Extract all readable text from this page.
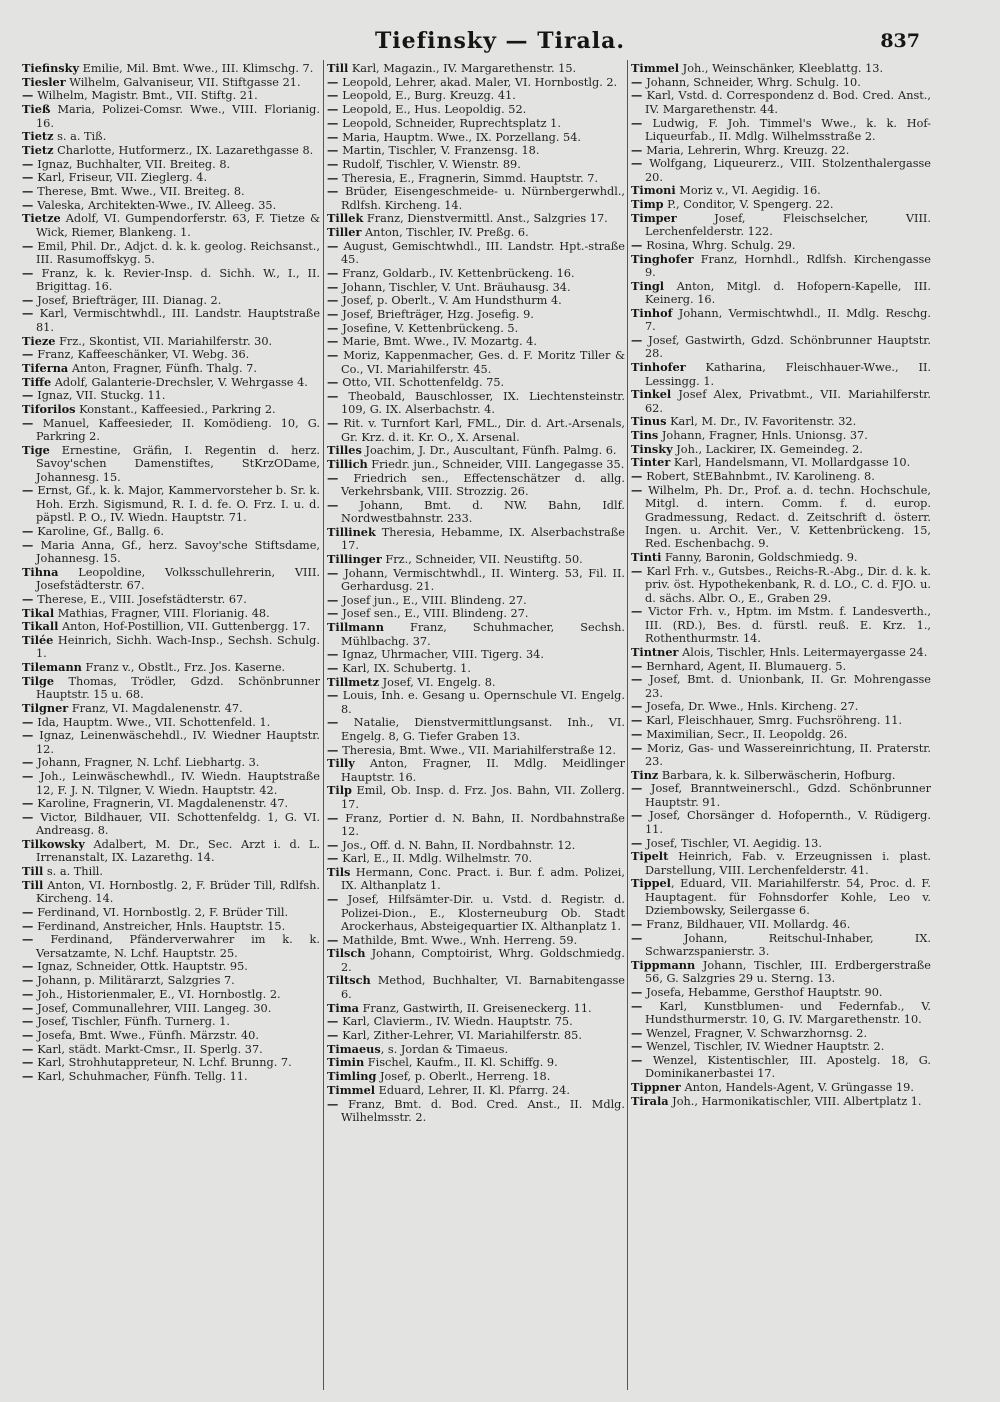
Tiefinsky — Tirala.	837

Tiefinsky Emilie, Mil. Bmt. Wwe., III. Klimschg. 7.

Tiesler Wilhelm, Galvaniseur, VII. Stiftgasse 21.

— Wilhelm, Magistr. Bmt., VII. Stiftg. 21.

Tieß Maria, Polizei-Comsr. Wwe., VIII. Florianig. 16.

Tietz s. a. Tiß.

Tietz Charlotte, Hutformerz., IX. Lazarethgasse 8.

— Ignaz, Buchhalter, VII. Breiteg. 8.

— Karl, Friseur, VII. Zieglerg. 4.

— Therese, Bmt. Wwe., VII. Breiteg. 8.

— Valeska, Architekten-Wwe., IV. Alleeg. 35.

Tietze Adolf, VI. Gumpendorferstr. 63, F. Tietze & Wick, Riemer, Blankeng. 1.

— Emil, Phil. Dr., Adjct. d. k. k. geolog. Reichsanst., III. Rasumoffskyg. 5.

— Franz, k. k. Revier-Insp. d. Sichh. W., I., II. Brigittag. 16.

— Josef, Briefträger, III. Dianag. 2.

— Karl, Vermischtwhdl., III. Landstr. Hauptstraße 81.

Tieze Frz., Skontist, VII. Mariahilferstr. 30.

— Franz, Kaffeeschänker, VI. Webg. 36.

Tiferna Anton, Fragner, Fünfh. Thalg. 7.

Tiffe Adolf, Galanterie-Drechsler, V. Wehrgasse 4.

— Ignaz, VII. Stuckg. 11.

Tiforilos Konstant., Kaffeesied., Parkring 2.

— Manuel, Kaffeesieder, II. Komödieng. 10, G. Parkring 2.

Tige Ernestine, Gräfin, I. Regentin d. herz. Savoy'schen Damenstiftes, StKrzODame, Johannesg. 15.

— Ernst, Gf., k. k. Major, Kammervorsteher b. Sr. k. Hoh. Erzh. Sigismund, R. I. d. fe. O. Frz. I. u. d. päpstl. P. O., IV. Wiedn. Hauptstr. 71.

— Karoline, Gf., Ballg. 6.

— Maria Anna, Gf., herz. Savoy'sche Stiftsdame, Johannesg. 15.

Tihna Leopoldine, Volksschullehrerin, VIII. Josefstädterstr. 67.

— Therese, E., VIII. Josefstädterstr. 67.

Tikal Mathias, Fragner, VIII. Florianig. 48.

Tikall Anton, Hof-Postillion, VII. Guttenbergg. 17.

Tilée Heinrich, Sichh. Wach-Insp., Sechsh. Schulg. 1.

Tilemann Franz v., Obstlt., Frz. Jos. Kaserne.

Tilge Thomas, Trödler, Gdzd. Schönbrunner Hauptstr. 15 u. 68.

Tilgner Franz, VI. Magdalenenstr. 47.

— Ida, Hauptm. Wwe., VII. Schottenfeld. 1.

— Ignaz, Leinenwäschehdl., IV. Wiedner Hauptstr. 12.

— Johann, Fragner, N. Lchf. Liebhartg. 3.

— Joh., Leinwäschewhdl., IV. Wiedn. Hauptstraße 12, F. J. N. Tilgner, V. Wiedn. Hauptstr. 42.

— Karoline, Fragnerin, VI. Magdalenenstr. 47.

— Victor, Bildhauer, VII. Schottenfeldg. 1, G. VI. Andreasg. 8.

Tilkowsky Adalbert, M. Dr., Sec. Arzt i. d. L. Irrenanstalt, IX. Lazarethg. 14.

Till s. a. Thill.

Till Anton, VI. Hornbostlg. 2, F. Brüder Till, Rdlfsh. Kircheng. 14.

— Ferdinand, VI. Hornbostlg. 2, F. Brüder Till.

— Ferdinand, Anstreicher, Hnls. Hauptstr. 15.

— Ferdinand, Pfänderverwahrer im k. k. Versatzamte, N. Lchf. Hauptstr. 25.

— Ignaz, Schneider, Ottk. Hauptstr. 95.

— Johann, p. Militärarzt, Salzgries 7.

— Joh., Historienmaler, E., VI. Hornbostlg. 2.

— Josef, Communallehrer, VIII. Langeg. 30.

— Josef, Tischler, Fünfh. Turnerg. 1.

— Josefa, Bmt. Wwe., Fünfh. Märzstr. 40.

— Karl, städt. Markt-Cmsr., II. Sperlg. 37.

— Karl, Strohhutappreteur, N. Lchf. Brunng. 7.

— Karl, Schuhmacher, Fünfh. Tellg. 11.

Till Karl, Magazin., IV. Margarethenstr. 15.

— Leopold, Lehrer, akad. Maler, VI. Hornbostlg. 2.

— Leopold, E., Burg. Kreuzg. 41.

— Leopold, E., Hus. Leopoldig. 52.

— Leopold, Schneider, Ruprechtsplatz 1.

— Maria, Hauptm. Wwe., IX. Porzellang. 54.

— Martin, Tischler, V. Franzensg. 18.

— Rudolf, Tischler, V. Wienstr. 89.

— Theresia, E., Fragnerin, Simmd. Hauptstr. 7.

— Brüder, Eisengeschmeide- u. Nürnbergerwhdl., Rdlfsh. Kircheng. 14.

Tillek Franz, Dienstvermittl. Anst., Salzgries 17.

Tiller Anton, Tischler, IV. Preßg. 6.

— August, Gemischtwhdl., III. Landstr. Hpt.-straße 45.

— Franz, Goldarb., IV. Kettenbrückeng. 16.

— Johann, Tischler, V. Unt. Bräuhausg. 34.

— Josef, p. Oberlt., V. Am Hundsthurm 4.

— Josef, Briefträger, Hzg. Josefig. 9.

— Josefine, V. Kettenbrückeng. 5.

— Marie, Bmt. Wwe., IV. Mozartg. 4.

— Moriz, Kappenmacher, Ges. d. F. Moritz Tiller & Co., VI. Mariahilferstr. 45.

— Otto, VII. Schottenfeldg. 75.

— Theobald, Bauschlosser, IX. Liechtensteinstr. 109, G. IX. Alserbachstr. 4.

— Rit. v. Turnfort Karl, FML., Dir. d. Art.-Arsenals, Gr. Krz. d. it. Kr. O., X. Arsenal.

Tilles Joachim, J. Dr., Auscultant, Fünfh. Palmg. 6.

Tillich Friedr. jun., Schneider, VIII. Langegasse 35.

— Friedrich sen., Effectenschätzer d. allg. Verkehrsbank, VIII. Strozzig. 26.

— Johann, Bmt. d. NW. Bahn, Idlf. Nordwestbahnstr. 233.

Tillinek Theresia, Hebamme, IX. Alserbachstraße 17.

Tillinger Frz., Schneider, VII. Neustiftg. 50.

— Johann, Vermischtwhdl., II. Winterg. 53, Fil. II. Gerhardusg. 21.

— Josef jun., E., VIII. Blindeng. 27.

— Josef sen., E., VIII. Blindeng. 27.

Tillmann Franz, Schuhmacher, Sechsh. Mühlbachg. 37.

— Ignaz, Uhrmacher, VIII. Tigerg. 34.

— Karl, IX. Schubertg. 1.

Tillmetz Josef, VI. Engelg. 8.

— Louis, Inh. e. Gesang u. Opernschule VI. Engelg. 8.

— Natalie, Dienstvermittlungsanst. Inh., VI. Engelg. 8, G. Tiefer Graben 13.

— Theresia, Bmt. Wwe., VII. Mariahilferstraße 12.

Tilly Anton, Fragner, II. Mdlg. Meidlinger Hauptstr. 16.

Tilp Emil, Ob. Insp. d. Frz. Jos. Bahn, VII. Zollerg. 17.

— Franz, Portier d. N. Bahn, II. Nordbahnstraße 12.

— Jos., Off. d. N. Bahn, II. Nordbahnstr. 12.

— Karl, E., II. Mdlg. Wilhelmstr. 70.

Tils Hermann, Conc. Pract. i. Bur. f. adm. Polizei, IX. Althanplatz 1.

— Josef, Hilfsämter-Dir. u. Vstd. d. Registr. d. Polizei-Dion., E., Klosterneuburg Ob. Stadt Arockerhaus, Absteigequartier IX. Althanplatz 1.

— Mathilde, Bmt. Wwe., Wnh. Herreng. 59.

Tilsch Johann, Comptoirist, Whrg. Goldschmiedg. 2.

Tiltsch Method, Buchhalter, VI. Barnabitengasse 6.

Tima Franz, Gastwirth, II. Greiseneckerg. 11.

— Karl, Clavierm., IV. Wiedn. Hauptstr. 75.

— Karl, Zither-Lehrer, VI. Mariahilferstr. 85.

Timaeus, s. Jordan & Timaeus.

Timin Fischel, Kaufm., II. Kl. Schiffg. 9.

Timling Josef, p. Oberlt., Herreng. 18.

Timmel Eduard, Lehrer, II. Kl. Pfarrg. 24.

— Franz, Bmt. d. Bod. Cred. Anst., II. Mdlg. Wilhelmsstr. 2.

Timmel Joh., Weinschänker, Kleeblattg. 13.

— Johann, Schneider, Whrg. Schulg. 10.

— Karl, Vstd. d. Correspondenz d. Bod. Cred. Anst., IV. Margarethenstr. 44.

— Ludwig, F. Joh. Timmel's Wwe., k. k. Hof-Liqueurfab., II. Mdlg. Wilhelmsstraße 2.

— Maria, Lehrerin, Whrg. Kreuzg. 22.

— Wolfgang, Liqueurerz., VIII. Stolzenthalergasse 20.

Timoni Moriz v., VI. Aegidig. 16.

Timp P., Conditor, V. Spengerg. 22.

Timper Josef, Fleischselcher, VIII. Lerchenfelderstr. 122.

— Rosina, Whrg. Schulg. 29.

Tinghofer Franz, Hornhdl., Rdlfsh. Kirchengasse 9.

Tingl Anton, Mitgl. d. Hofopern-Kapelle, III. Keinerg. 16.

Tinhof Johann, Vermischtwhdl., II. Mdlg. Reschg. 7.

— Josef, Gastwirth, Gdzd. Schönbrunner Hauptstr. 28.

Tinhofer Katharina, Fleischhauer-Wwe., II. Lessingg. 1.

Tinkel Josef Alex, Privatbmt., VII. Mariahilferstr. 62.

Tinus Karl, M. Dr., IV. Favoritenstr. 32.

Tins Johann, Fragner, Hnls. Unionsg. 37.

Tinsky Joh., Lackirer, IX. Gemeindeg. 2.

Tinter Karl, Handelsmann, VI. Mollardgasse 10.

— Robert, StEBahnbmt., IV. Karolineng. 8.

— Wilhelm, Ph. Dr., Prof. a. d. techn. Hochschule, Mitgl. d. intern. Comm. f. d. europ. Gradmessung, Redact. d. Zeitschrift d. österr. Ingen. u. Archit. Ver., V. Kettenbrückeng. 15, Red. Eschenbachg. 9.

Tinti Fanny, Baronin, Goldschmiedg. 9.

— Karl Frh. v., Gutsbes., Reichs-R.-Abg., Dir. d. k. k. priv. öst. Hypothekenbank, R. d. LO., C. d. FJO. u. d. sächs. Albr. O., E., Graben 29.

— Victor Frh. v., Hptm. im Mstm. f. Landesverth., III. (RD.), Bes. d. fürstl. reuß. E. Krz. 1., Rothenthurmstr. 14.

Tintner Alois, Tischler, Hnls. Leitermayergasse 24.

— Bernhard, Agent, II. Blumauerg. 5.

— Josef, Bmt. d. Unionbank, II. Gr. Mohrengasse 23.

— Josefa, Dr. Wwe., Hnls. Kircheng. 27.

— Karl, Fleischhauer, Smrg. Fuchsröhreng. 11.

— Maximilian, Secr., II. Leopoldg. 26.

— Moriz, Gas- und Wassereinrichtung, II. Praterstr. 23.

Tinz Barbara, k. k. Silberwäscherin, Hofburg.

— Josef, Branntweinerschl., Gdzd. Schönbrunner Hauptstr. 91.

— Josef, Chorsänger d. Hofopernth., V. Rüdigerg. 11.

— Josef, Tischler, VI. Aegidig. 13.

Tipelt Heinrich, Fab. v. Erzeugnissen i. plast. Darstellung, VIII. Lerchenfelderstr. 41.

Tippel, Eduard, VII. Mariahilferstr. 54, Proc. d. F. Hauptagent. für Fohnsdorfer Kohle, Leo v. Dziembowsky, Seilergasse 6.

— Franz, Bildhauer, VII. Mollardg. 46.

— Johann, Reitschul-Inhaber, IX. Schwarzspanierstr. 3.

Tippmann Johann, Tischler, III. Erdbergerstraße 56, G. Salzgries 29 u. Sterng. 13.

— Josefa, Hebamme, Gersthof Hauptstr. 90.

— Karl, Kunstblumen- und Federnfab., V. Hundsthurmerstr. 10, G. IV. Margarethenstr. 10.

— Wenzel, Fragner, V. Schwarzhornsg. 2.

— Wenzel, Tischler, IV. Wiedner Hauptstr. 2.

— Wenzel, Kistentischler, III. Apostelg. 18, G. Dominikanerbastei 17.

Tippner Anton, Handels-Agent, V. Grüngasse 19.

Tirala Joh., Harmonikatischler, VIII. Albertplatz 1.
